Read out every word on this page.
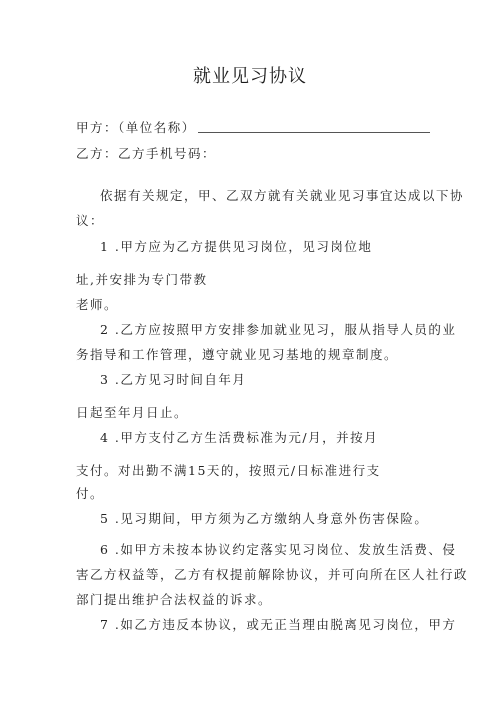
就业见习协议
甲方：（单位名称）
乙方：乙方手机号码：
依据有关规定，甲、乙双方就有关就业见习事宜达成以下协
议：
1 .甲方应为乙方提供见习岗位，见习岗位地
址,并安排为专门带教
老师。
2 .乙方应按照甲方安排参加就业见习，服从指导人员的业
务指导和工作管理，遵守就业见习基地的规章制度。
3 .乙方见习时间自年月
日起至年月日止。
4 .甲方支付乙方生活费标准为元/月，并按月
支付。对出勤不满15天的，按照元/日标准进行支
付。
5 .见习期间，甲方须为乙方缴纳人身意外伤害保险。
6 .如甲方未按本协议约定落实见习岗位、发放生活费、侵
害乙方权益等，乙方有权提前解除协议，并可向所在区人社行政
部门提出维护合法权益的诉求。
7 .如乙方违反本协议，或无正当理由脱离见习岗位，甲方
